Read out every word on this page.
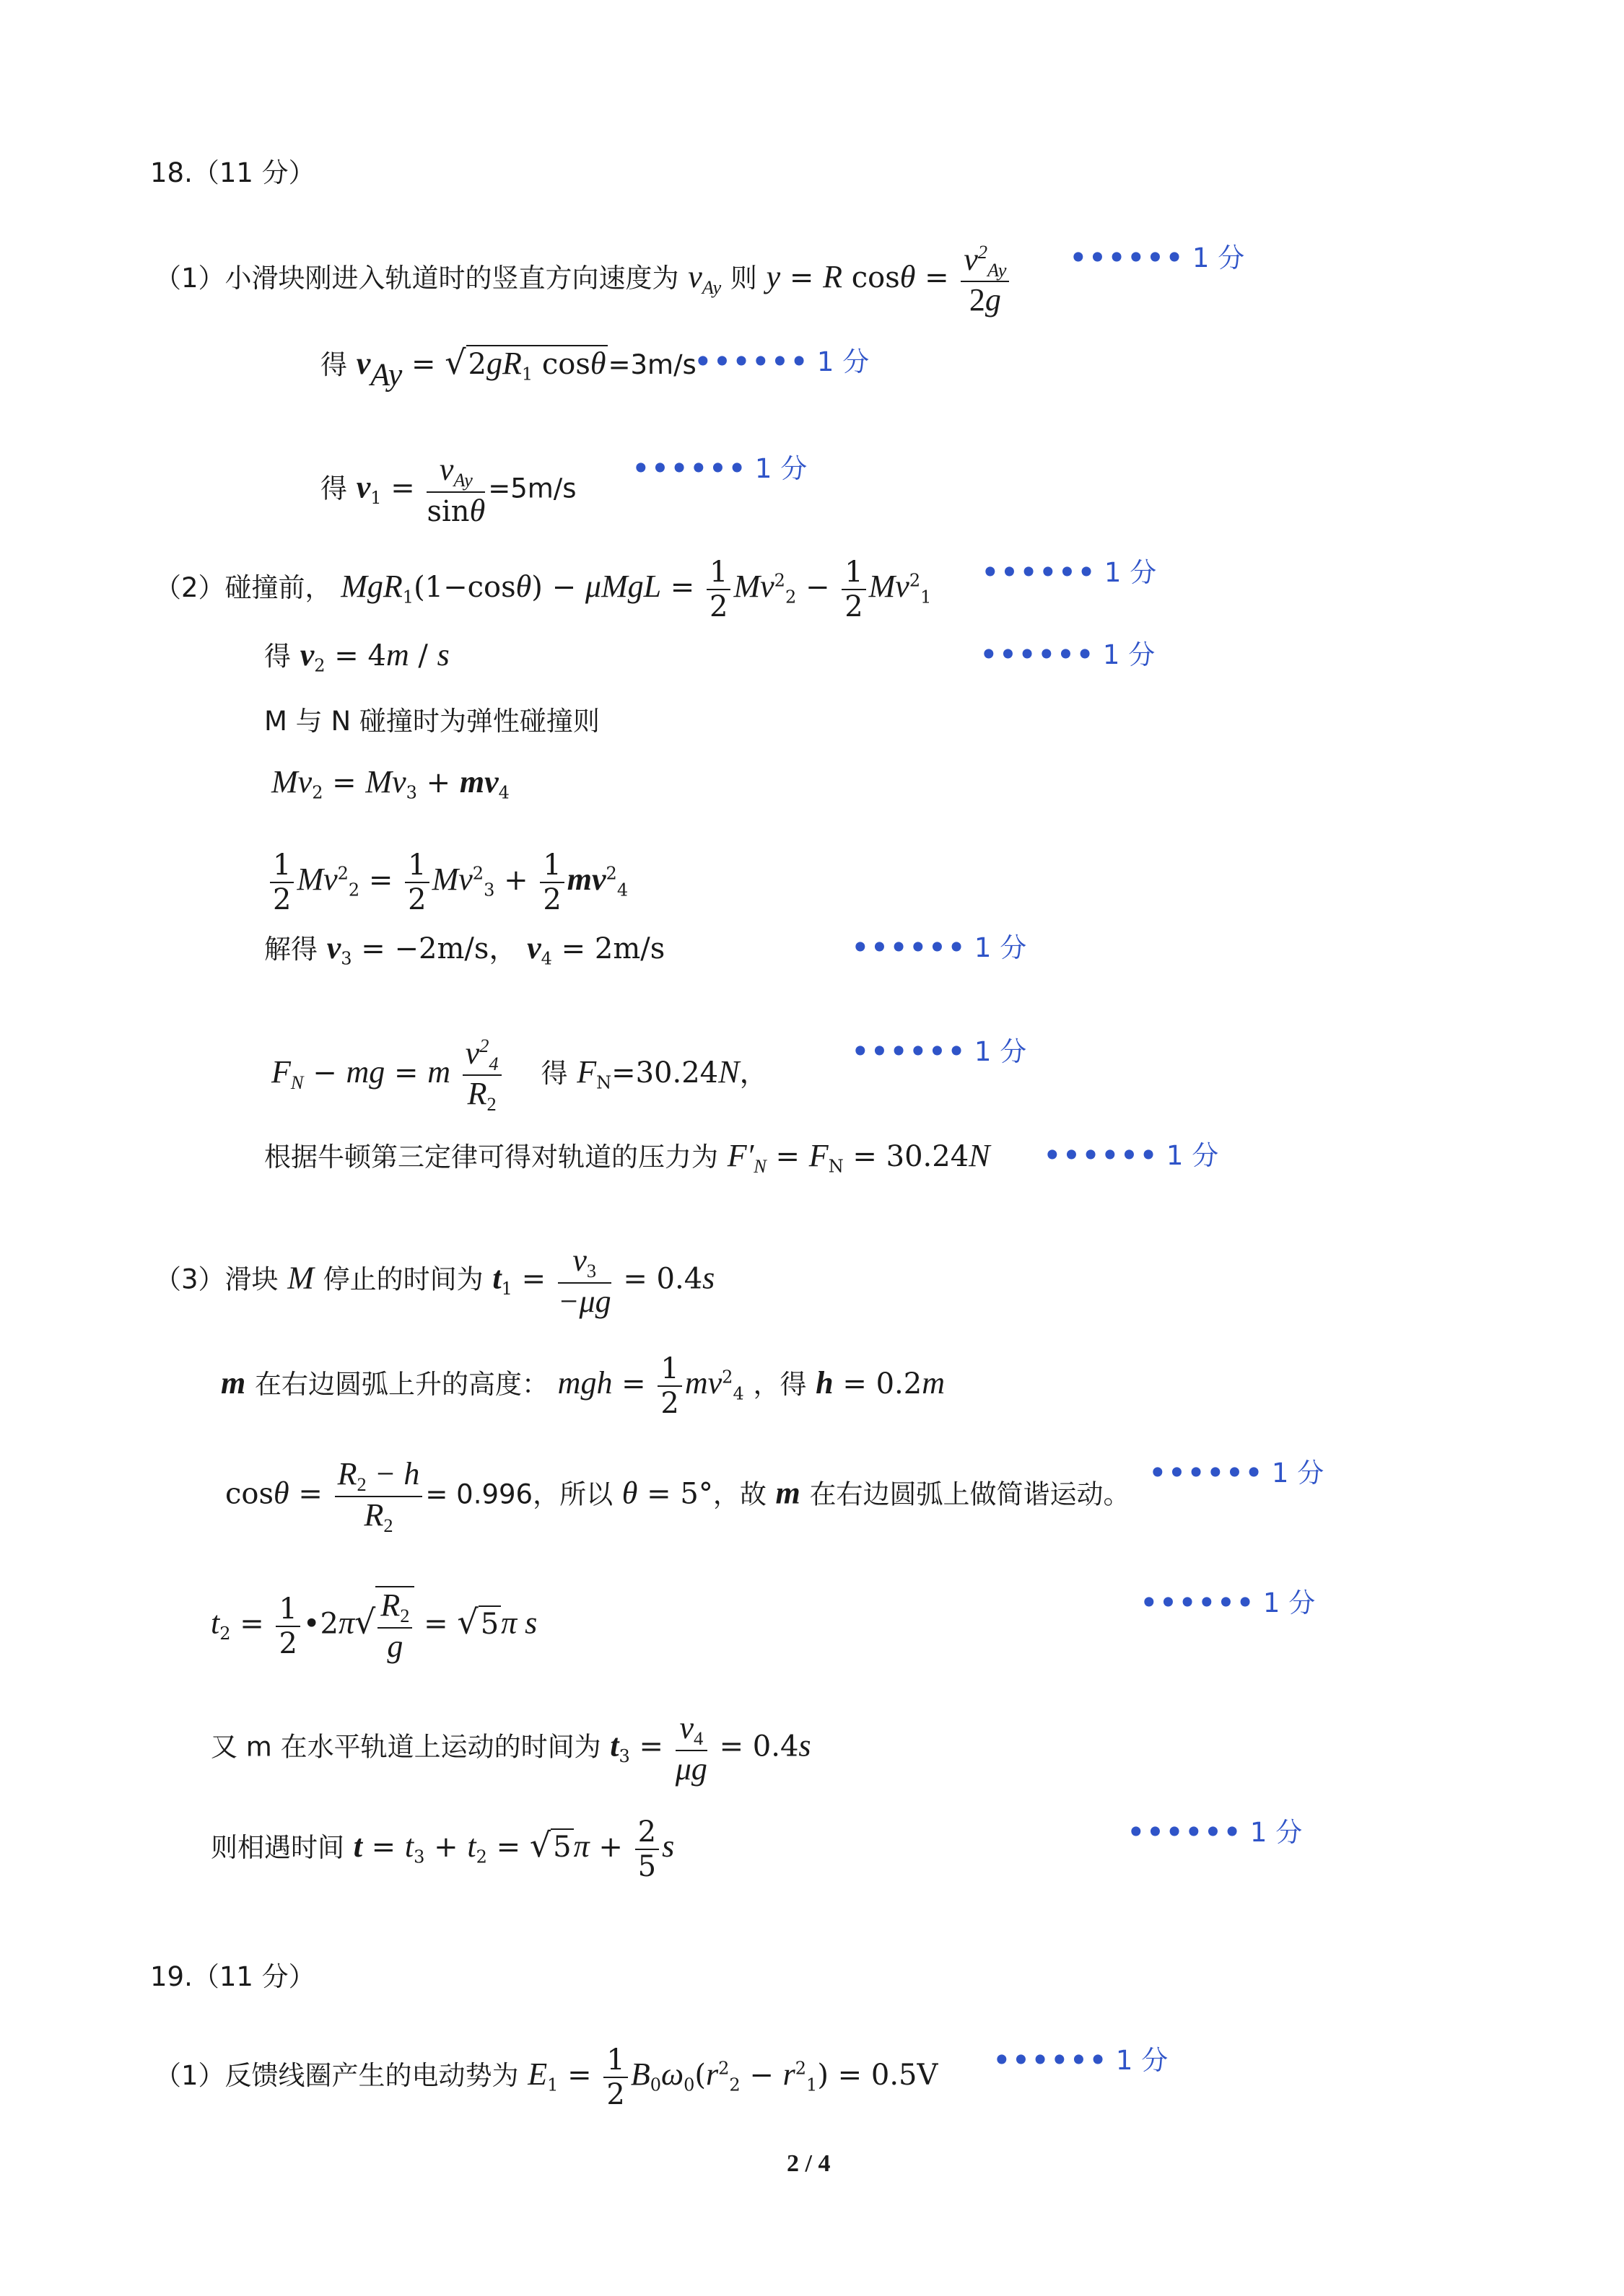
18.（11 分）
（1）小滑块刚进入轨道时的竖直方向速度为 $v_{Ay}$ 则 y = R $\cos\theta = \frac{v^2_{Ay}}{2g}$ •••••• 1 分
得 $v_{Ay} = √2gR_1$ cosθ=3m/s
•••••• 1 分
得 $v_1 = \frac{v_{Ay}}{\sin\theta} =5m/s$
•••••• 1 分
（2）碰撞前， $MgR_1(1-\cos\theta) - \mu MgL = \frac{1}{2} Mv^2_2 - \frac{1}{2} Mv^2_1$
•••••• 1 分
得 $v_2 = 4m / s$	•••••• 1 分
M 与 N 碰撞时为弹性碰撞则
$Mv_2 = Mv_3 + mv_4$
$\frac{1}{2} Mv^2_2 = \frac{1}{2} Mv^2_3 + \frac{1}{2} mv^2_4$
解得 $v_3 = -2m/s$， $v_4 = 2m/s$	•••••• 1 分
$F_N$ − mg = m $\frac{v^2_4}{R_2}$ 得 $F_N=30.24N$，
•••••• 1 分
根据牛顿第三定律可得对轨道的压力为 $F'_N = F_N = 30.24N$ •••••• 1 分
（3）滑块 M 停止的时间为 $t_1 = \frac{v_3}{-\mu g} = 0.4s$
m 在右边圆弧上升的高度： mgh = $\frac{1}{2} mv^2_4$ ，得 h = 0.2m
$\cos\theta = \frac{R_2 - h}{R_2} = 0.996$，所以 θ = 5°，故 m 在右边圆弧上做简谐运动。
•••••• 1 分
$t_2 = \frac{1}{2}$ •2π√ $\frac{R_2}{g} = √5\pi$ s
•••••• 1 分
又 m 在水平轨道上运动的时间为 $t_3 = \frac{v_4}{\mu g} = 0.4s$
则相遇时间 $t = t_3 + t_2 = √5\pi + \frac{2}{5}$ s	•••••• 1 分
19.（11 分）
（1）反馈线圈产生的电动势为 $E_1 = \frac{1}{2} B_0\omega_0(r^2_2 - r^2_1) = 0.5V$ •••••• 1 分
2 / 4
